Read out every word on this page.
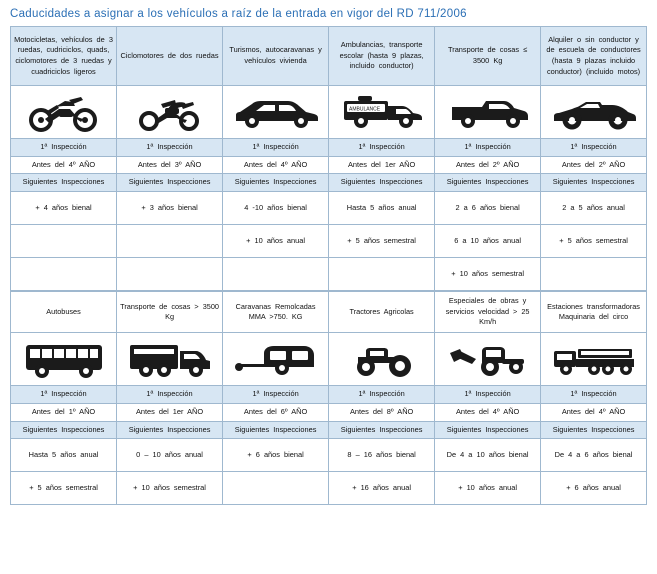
Caducidades a asignar a los vehículos a raíz de la entrada en vigor del RD 711/2006
Motocicletas, vehículos de 3 ruedas, cudriciclos, quads, ciclomotores de 3 ruedas y cuadriciclos ligeros	Ciclomotores de dos ruedas	Turismos, autocaravanas y vehículos vivienda	Ambulancias, transporte escolar (hasta 9 plazas, incluido conductor)	Transporte de cosas ≤ 3500 Kg	Alquiler o sin conductor y de escuela de conductores (hasta 9 plazas incluido conductor) (incluido motos)

AMBULANCE

1ª Inspección	1ª Inspección	1ª Inspección	1ª Inspección	1ª Inspección	1ª Inspección
Antes del 4º AÑO	Antes del 3º AÑO	Antes del 4º AÑO	Antes del 1er AÑO	Antes del 2º AÑO	Antes del 2º AÑO
Siguientes Inspecciones	Siguientes Inspecciones	Siguientes Inspecciones	Siguientes Inspecciones	Siguientes Inspecciones	Siguientes Inspecciones
+ 4 años bienal	+ 3 años bienal	4 -10 años bienal	Hasta 5 años anual	2 a 6 años bienal	2 a 5 años anual
		+ 10 años anual	+ 5 años semestral	6 a 10 años anual	+ 5 años semestral
				+ 10 años semestral	
Autobuses	Transporte de cosas > 3500 Kg	Caravanas Remolcadas MMA >750. KG	Tractores Agricolas	Especiales de obras y servicios velocidad > 25 Km/h	Estaciones transformadoras Maquinaria del circo

1ª Inspección	1ª Inspección	1ª Inspección	1ª Inspección	1ª Inspección	1ª Inspección
Antes del 1º AÑO	Antes del 1er AÑO	Antes del 6º AÑO	Antes del 8º AÑO	Antes del 4º AÑO	Antes del 4º AÑO
Siguientes Inspecciones	Siguientes Inspecciones	Siguientes Inspecciones	Siguientes Inspecciones	Siguientes Inspecciones	Siguientes Inspecciones
Hasta 5 años anual	0 – 10 años anual	+ 6 años bienal	8 – 16 años bienal	De 4 a 10 años bienal	De 4 a 6 años bienal
+ 5 años semestral	+ 10 años semestral		+ 16 años anual	+ 10 años anual	+ 6 años anual
